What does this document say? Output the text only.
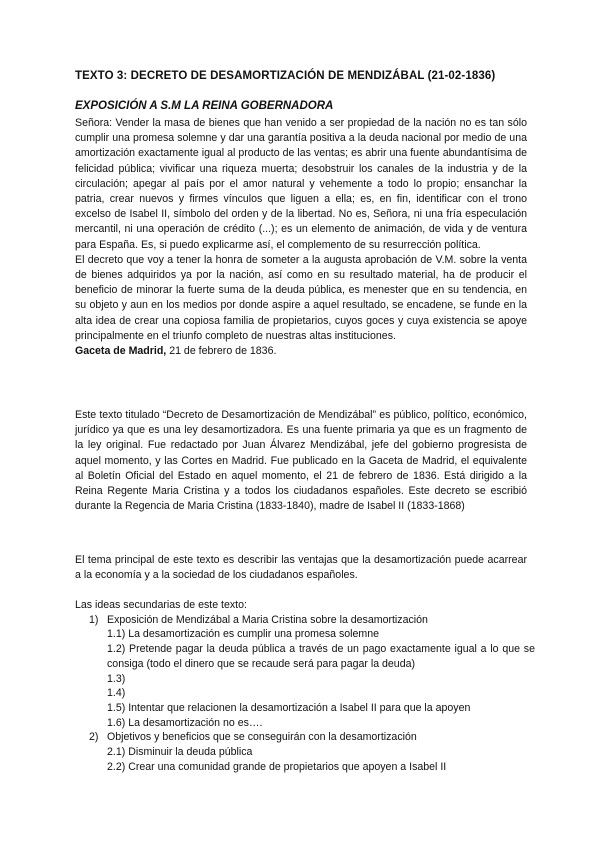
TEXTO 3: DECRETO DE DESAMORTIZACIÓN DE MENDIZÁBAL (21-02-1836)
EXPOSICIÓN A S.M LA REINA GOBERNADORA

Señora: Vender la masa de bienes que han venido a ser propiedad de la nación no es tan sólo cumplir una promesa solemne y dar una garantía positiva a la deuda nacional por medio de una amortización exactamente igual al producto de las ventas; es abrir una fuente abundantísima de felicidad pública; vivificar una riqueza muerta; desobstruir los canales de la industria y de la circulación; apegar al país por el amor natural y vehemente a todo lo propio; ensanchar la patria, crear nuevos y firmes vínculos que liguen a ella; es, en fin, identificar con el trono excelso de Isabel II, símbolo del orden y de la libertad. No es, Señora, ni una fría especulación mercantil, ni una operación de crédito (...); es un elemento de animación, de vida y de ventura para España. Es, si puedo explicarme así, el complemento de su resurrección política.

El decreto que voy a tener la honra de someter a la augusta aprobación de V.M. sobre la venta de bienes adquiridos ya por la nación, así como en su resultado material, ha de producir el beneficio de minorar la fuerte suma de la deuda pública, es menester que en su tendencia, en su objeto y aun en los medios por donde aspire a aquel resultado, se encadene, se funde en la alta idea de crear una copiosa familia de propietarios, cuyos goces y cuya existencia se apoye principalmente en el triunfo completo de nuestras altas instituciones.

Gaceta de Madrid, 21 de febrero de 1836.

Este texto titulado “Decreto de Desamortización de Mendizábal” es público, político, económico, jurídico ya que es una ley desamortizadora. Es una fuente primaria ya que es un fragmento de la ley original. Fue redactado por Juan Álvarez Mendizábal, jefe del gobierno progresista de aquel momento, y las Cortes en Madrid. Fue publicado en la Gaceta de Madrid, el equivalente al Boletín Oficial del Estado en aquel momento, el 21 de febrero de 1836. Está dirigido a la Reina Regente Maria Cristina y a todos los ciudadanos españoles. Este decreto se escribió durante la Regencia de Maria Cristina (1833-1840), madre de Isabel II (1833-1868)

El tema principal de este texto es describir las ventajas que la desamortización puede acarrear a la economía y a la sociedad de los ciudadanos españoles.

Las ideas secundarias de este texto:

1) Exposición de Mendizábal a Maria Cristina sobre la desamortización
1.1) La desamortización es cumplir una promesa solemne
1.2) Pretende pagar la deuda pública a través de un pago exactamente igual a lo que se consiga (todo el dinero que se recaude será para pagar la deuda)
1.3)
1.4)
1.5) Intentar que relacionen la desamortización a Isabel II para que la apoyen
1.6) La desamortización no es….
2) Objetivos y beneficios que se conseguirán con la desamortización
2.1) Disminuir la deuda pública
2.2) Crear una comunidad grande de propietarios que apoyen a Isabel II
